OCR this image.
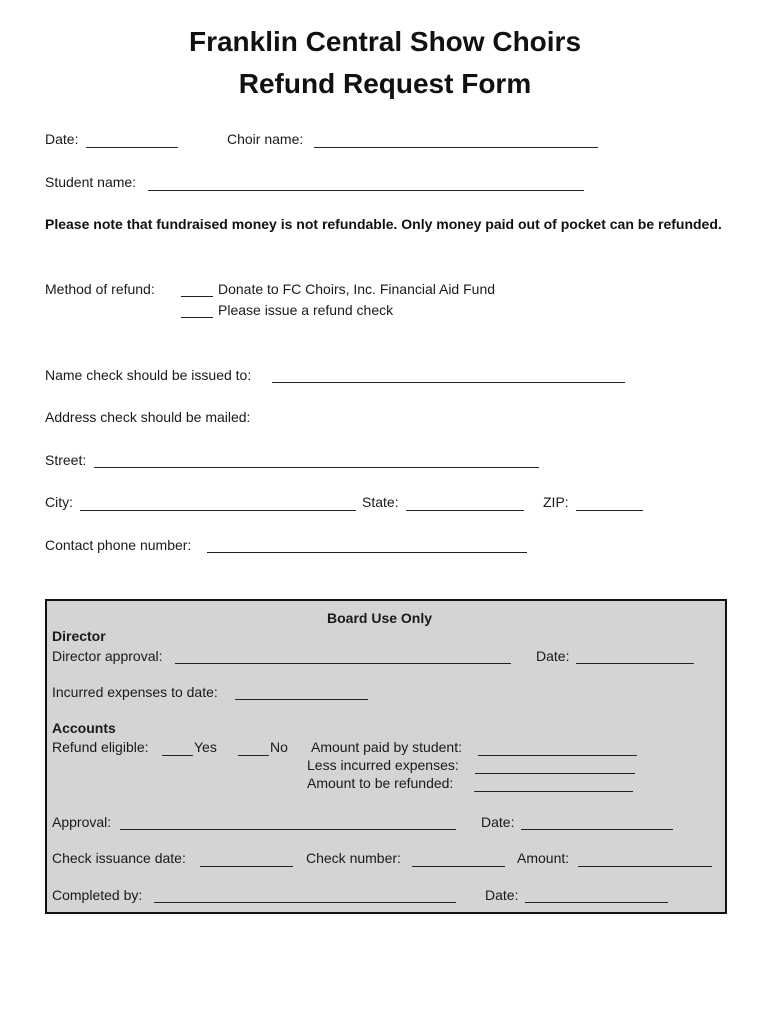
Franklin Central Show Choirs
Refund Request Form
Date:	Choir name:
Student name:
Please note that fundraised money is not refundable. Only money paid out of pocket can be refunded.
Method of refund:	Donate to FC Choirs, Inc. Financial Aid Fund
Please issue a refund check
Name check should be issued to:
Address check should be mailed:
Street:
City:	State:	ZIP:
Contact phone number:
Board Use Only
Director
Director approval:	Date:
Incurred expenses to date:
Accounts
Refund eligible:	Yes	No Amount paid by student:
Less incurred expenses:
Amount to be refunded:
Approval:	Date:
Check issuance date:	Check number:	Amount:
Completed by:	Date:
